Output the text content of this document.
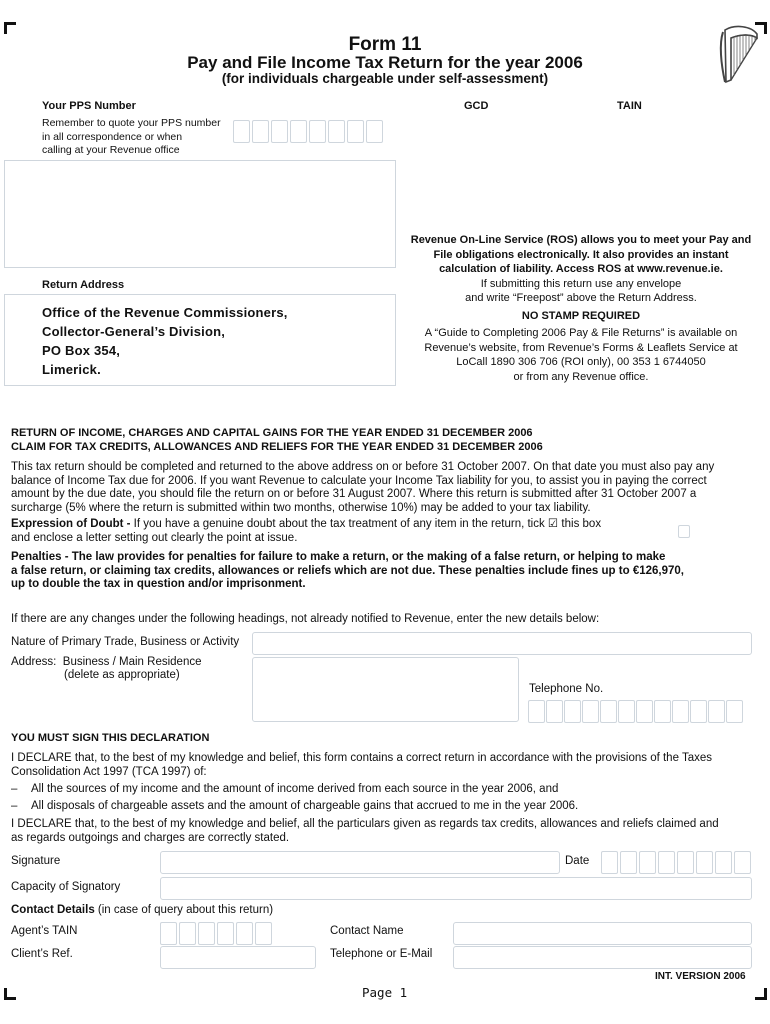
Form 11
Pay and File Income Tax Return for the year 2006
(for individuals chargeable under self-assessment)
Your PPS Number
Remember to quote your PPS number
in all correspondence or when
calling at your Revenue office
GCD	TAIN
Return Address
Office of the Revenue Commissioners,
Collector-General’s Division,
PO Box 354,
Limerick.
Revenue On-Line Service (ROS) allows you to meet your Pay and
File obligations electronically. It also provides an instant
calculation of liability. Access ROS at www.revenue.ie.
If submitting this return use any envelope
and write “Freepost” above the Return Address.
NO STAMP REQUIRED
A “Guide to Completing 2006 Pay & File Returns” is available on
Revenue’s website, from Revenue’s Forms & Leaflets Service at
LoCall 1890 306 706 (ROI only), 00 353 1 6744050
or from any Revenue office.
RETURN OF INCOME, CHARGES AND CAPITAL GAINS FOR THE YEAR ENDED 31 DECEMBER 2006
CLAIM FOR TAX CREDITS, ALLOWANCES AND RELIEFS FOR THE YEAR ENDED 31 DECEMBER 2006
This tax return should be completed and returned to the above address on or before 31 October 2007. On that date you must also pay any
balance of Income Tax due for 2006. If you want Revenue to calculate your Income Tax liability for you, to assist you in paying the correct
amount by the due date, you should file the return on or before 31 August 2007. Where this return is submitted after 31 October 2007 a
surcharge (5% where the return is submitted within two months, otherwise 10%) may be added to your tax liability.
Expression of Doubt - If you have a genuine doubt about the tax treatment of any item in the return, tick ☑ this box
and enclose a letter setting out clearly the point at issue.
Penalties - The law provides for penalties for failure to make a return, or the making of a false return, or helping to make
a false return, or claiming tax credits, allowances or reliefs which are not due. These penalties include fines up to €126,970,
up to double the tax in question and/or imprisonment.
If there are any changes under the following headings, not already notified to Revenue, enter the new details below:
Nature of Primary Trade, Business or Activity
Address:  Business / Main Residence
(delete as appropriate)
Telephone No.
YOU MUST SIGN THIS DECLARATION
I DECLARE that, to the best of my knowledge and belief, this form contains a correct return in accordance with the provisions of the Taxes
Consolidation Act 1997 (TCA 1997) of:
– All the sources of my income and the amount of income derived from each source in the year 2006, and
– All disposals of chargeable assets and the amount of chargeable gains that accrued to me in the year 2006.
I DECLARE that, to the best of my knowledge and belief, all the particulars given as regards tax credits, allowances and reliefs claimed and
as regards outgoings and charges are correctly stated.
Signature	Date
Capacity of Signatory
Contact Details (in case of query about this return)
Agent’s TAIN	Contact Name
Client’s Ref.	Telephone or E-Mail
INT. VERSION 2006
Page 1
